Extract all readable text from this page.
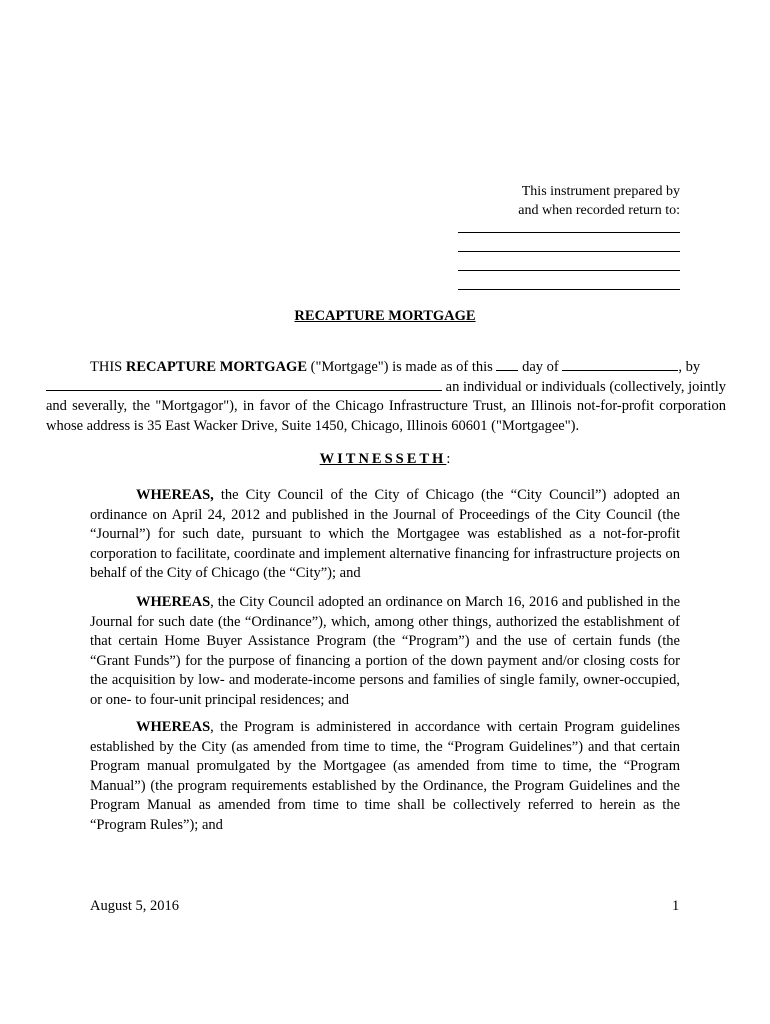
This instrument prepared by
and when recorded return to:
RECAPTURE MORTGAGE
THIS RECAPTURE MORTGAGE ("Mortgage") is made as of this  day of	, by
an individual or individuals (collectively, jointly and severally, the "Mortgagor"), in favor of the Chicago Infrastructure Trust, an Illinois not-for-profit corporation whose address is 35 East Wacker Drive, Suite 1450, Chicago, Illinois 60601 ("Mortgagee").
WITNESSETH:
WHEREAS, the City Council of the City of Chicago (the “City Council”) adopted an ordinance on April 24, 2012 and published in the Journal of Proceedings of the City Council (the “Journal”) for such date, pursuant to which the Mortgagee was established as a not-for-profit corporation to facilitate, coordinate and implement alternative financing for infrastructure projects on behalf of the City of Chicago (the “City”); and
WHEREAS, the City Council adopted an ordinance on March 16, 2016 and published in the Journal for such date (the “Ordinance”), which, among other things, authorized the establishment of that certain Home Buyer Assistance Program (the “Program”) and the use of certain funds (the “Grant Funds”) for the purpose of financing a portion of the down payment and/or closing costs for the acquisition by low- and moderate-income persons and families of single family, owner-occupied, or one- to four-unit principal residences; and
WHEREAS, the Program is administered in accordance with certain Program guidelines established by the City (as amended from time to time, the “Program Guidelines”) and that certain Program manual promulgated by the Mortgagee (as amended from time to time, the “Program Manual”) (the program requirements established by the Ordinance, the Program Guidelines and the Program Manual as amended from time to time shall be collectively referred to herein as the “Program Rules”); and
August 5, 2016	1
